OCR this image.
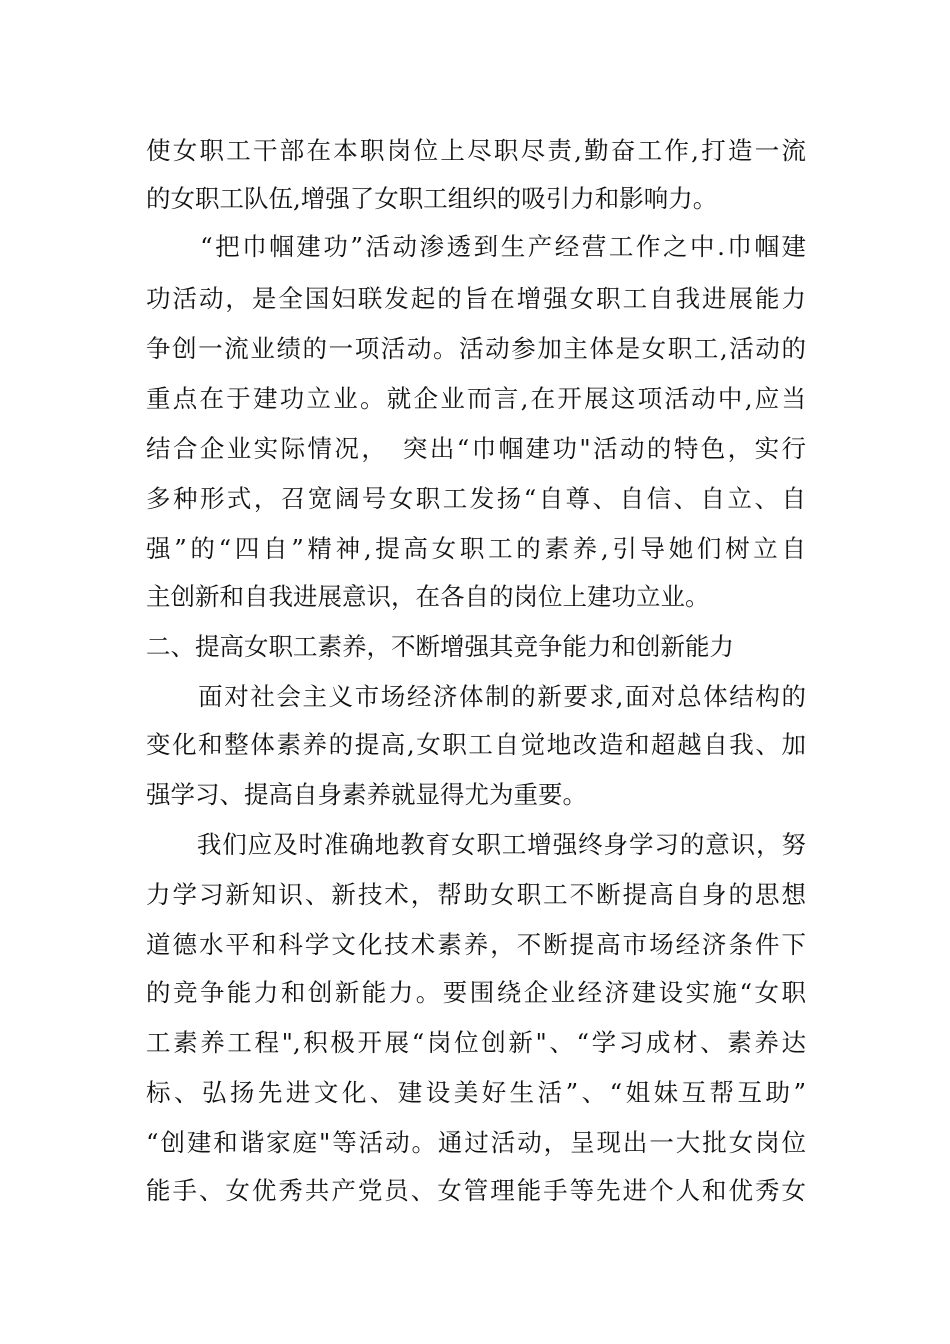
使女职工干部在本职岗位上尽职尽责,勤奋工作,打造一流
的女职工队伍,增强了女职工组织的吸引力和影响力。
　　“把巾帼建功”活动渗透到生产经营工作之中.巾帼建
功活动，是全国妇联发起的旨在增强女职工自我进展能力
争创一流业绩的一项活动。活动参加主体是女职工,活动的
重点在于建功立业。就企业而言,在开展这项活动中,应当
结合企业实际情况，　突出“巾帼建功"活动的特色，实行
多种形式，召宽阔号女职工发扬“自尊、自信、自立、自
强”的“四自”精神,提高女职工的素养,引导她们树立自
主创新和自我进展意识，在各自的岗位上建功立业。
二、提高女职工素养，不断增强其竞争能力和创新能力
　　面对社会主义市场经济体制的新要求,面对总体结构的
变化和整体素养的提高,女职工自觉地改造和超越自我、加
强学习、提高自身素养就显得尤为重要。
　　我们应及时准确地教育女职工增强终身学习的意识，努
力学习新知识、新技术，帮助女职工不断提高自身的思想
道德水平和科学文化技术素养，不断提高市场经济条件下
的竞争能力和创新能力。要围绕企业经济建设实施“女职
工素养工程",积极开展“岗位创新"、“学习成材、素养达
标、弘扬先进文化、建设美好生活”、“姐妹互帮互助”
“创建和谐家庭"等活动。通过活动，呈现出一大批女岗位
能手、女优秀共产党员、女管理能手等先进个人和优秀女
